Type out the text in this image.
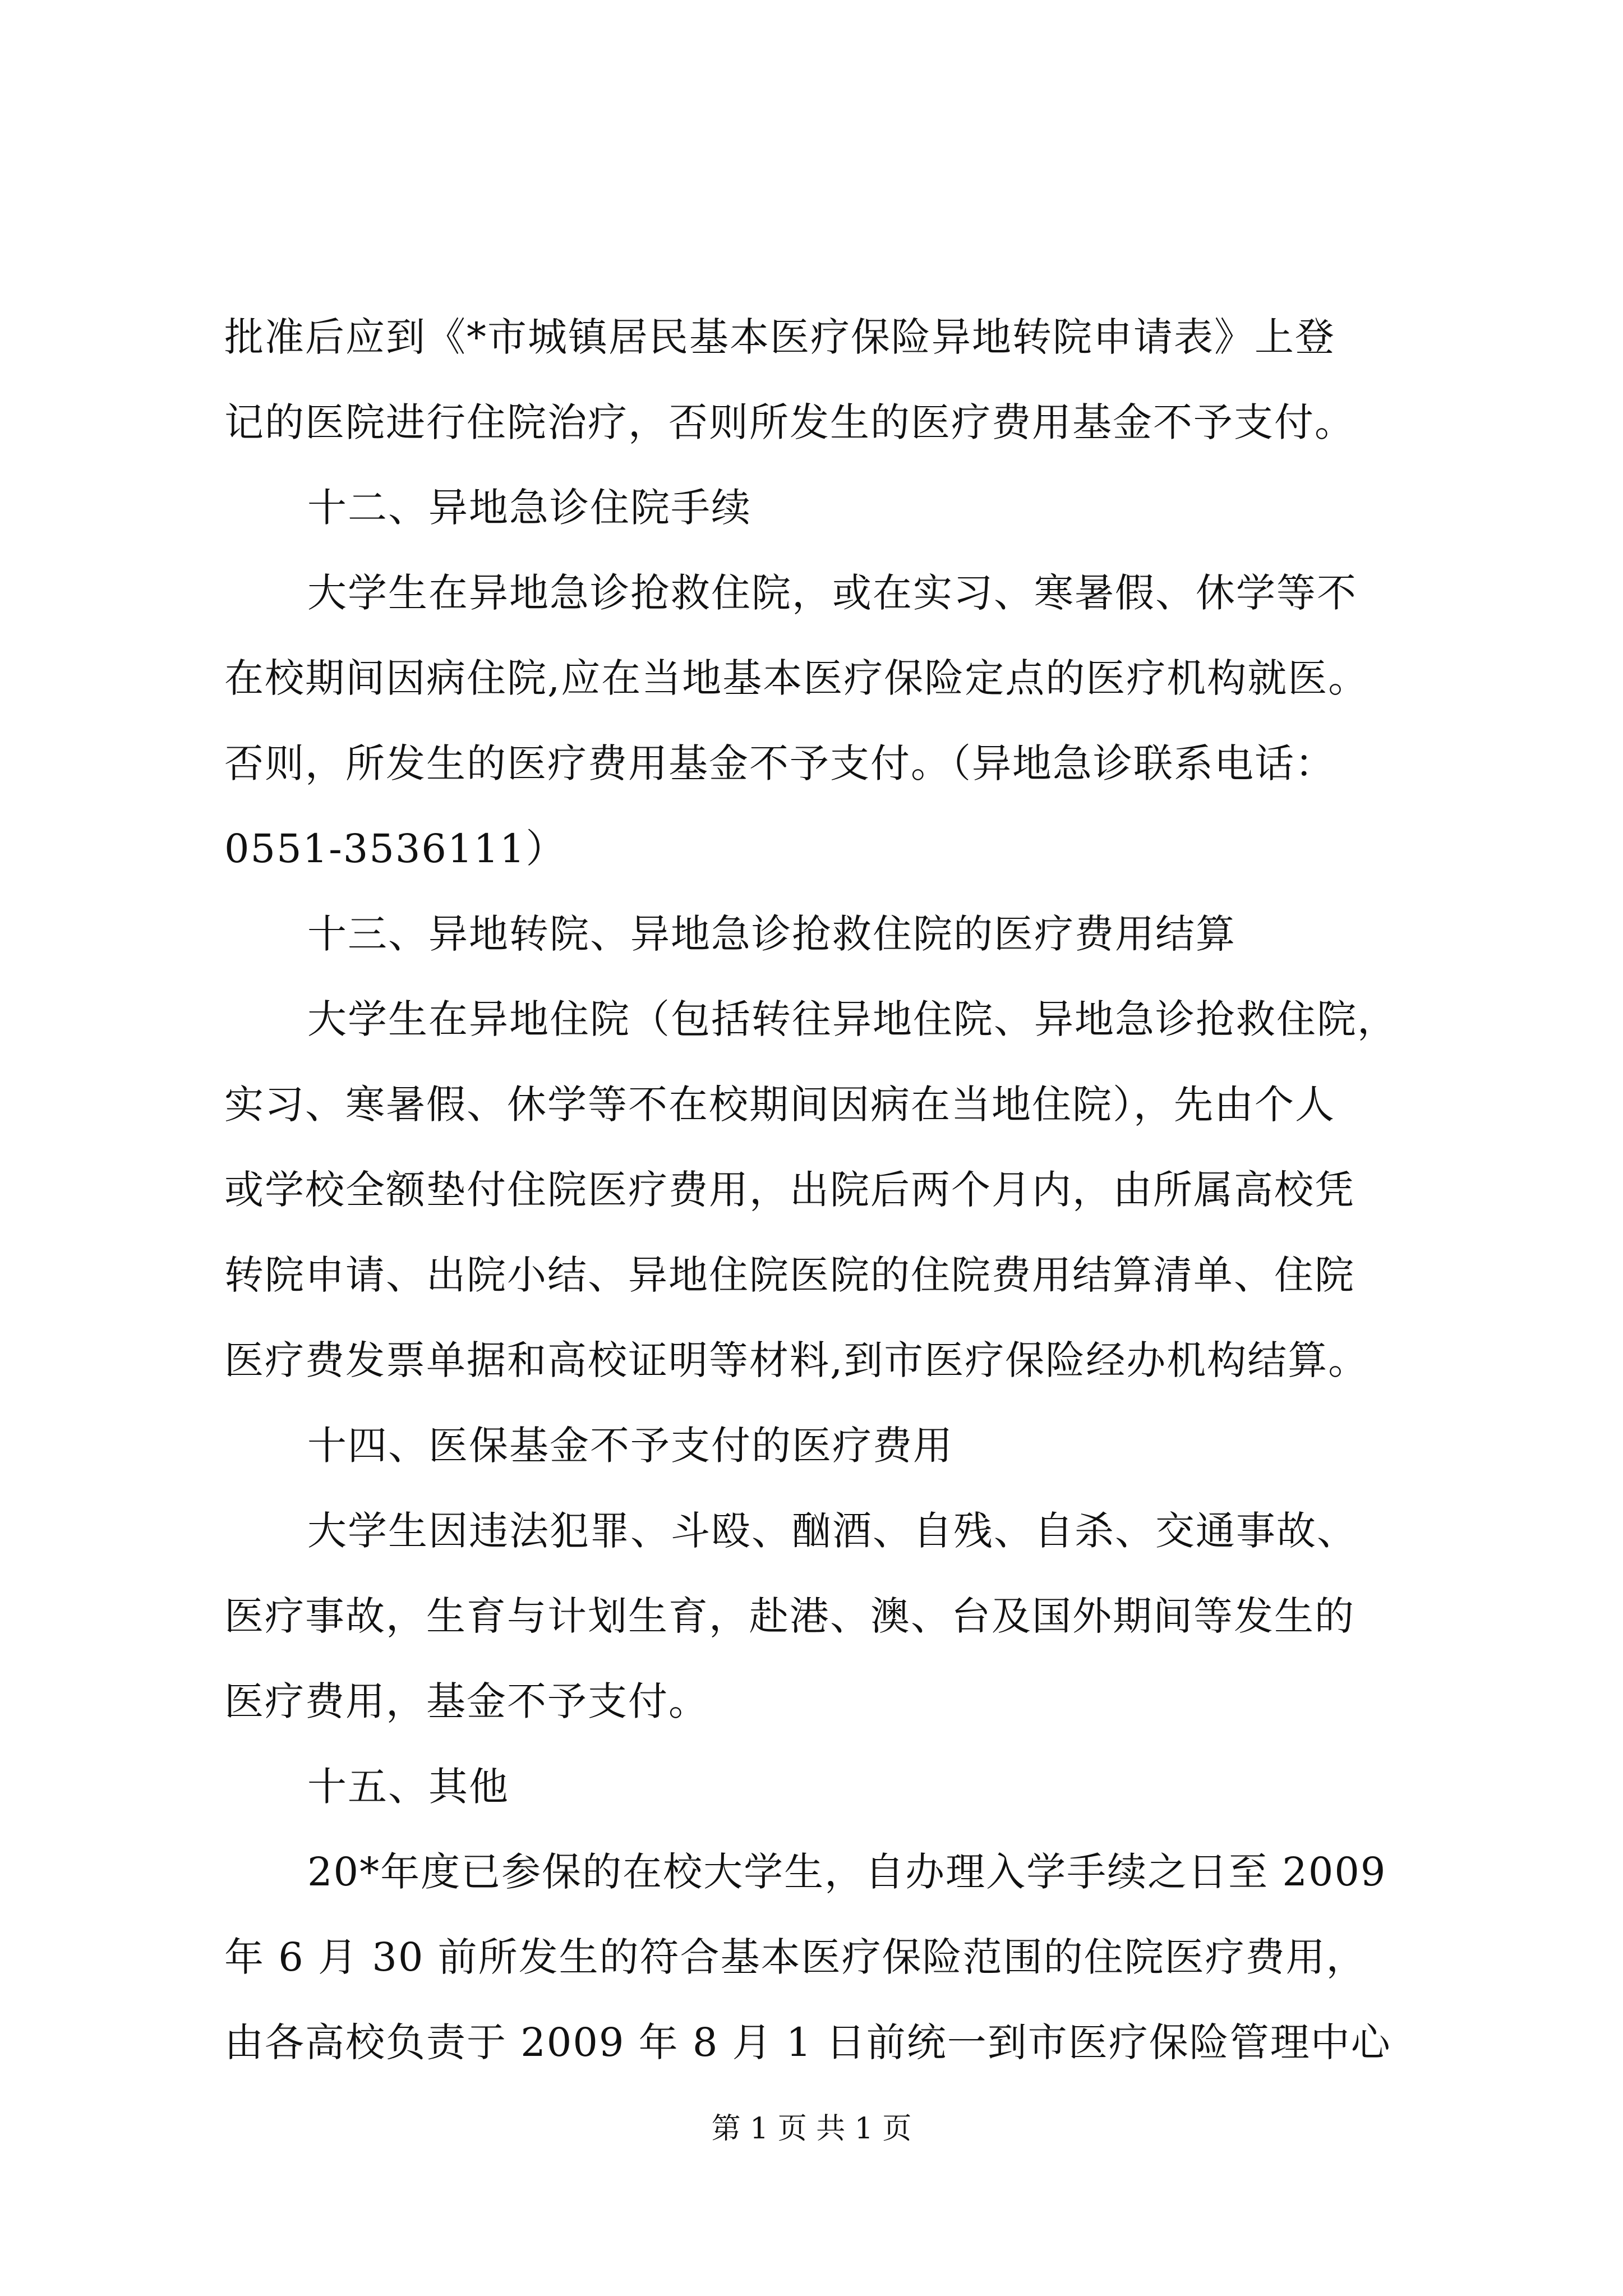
批准后应到《*市城镇居民基本医疗保险异地转院申请表》上登
记的医院进行住院治疗，否则所发生的医疗费用基金不予支付。
十二、异地急诊住院手续
大学生在异地急诊抢救住院，或在实习、寒暑假、休学等不
在校期间因病住院,应在当地基本医疗保险定点的医疗机构就医。
否则，所发生的医疗费用基金不予支付。（异地急诊联系电话：
0551-3536111）
十三、异地转院、异地急诊抢救住院的医疗费用结算
大学生在异地住院（包括转往异地住院、异地急诊抢救住院，
实习、寒暑假、休学等不在校期间因病在当地住院），先由个人
或学校全额垫付住院医疗费用，出院后两个月内，由所属高校凭
转院申请、出院小结、异地住院医院的住院费用结算清单、住院
医疗费发票单据和高校证明等材料,到市医疗保险经办机构结算。
十四、医保基金不予支付的医疗费用
大学生因违法犯罪、斗殴、酗酒、自残、自杀、交通事故、
医疗事故，生育与计划生育，赴港、澳、台及国外期间等发生的
医疗费用，基金不予支付。
十五、其他
20*年度已参保的在校大学生，自办理入学手续之日至 2009
年 6 月 30 前所发生的符合基本医疗保险范围的住院医疗费用，
由各高校负责于 2009 年 8 月 1 日前统一到市医疗保险管理中心
第 1 页 共 1 页
